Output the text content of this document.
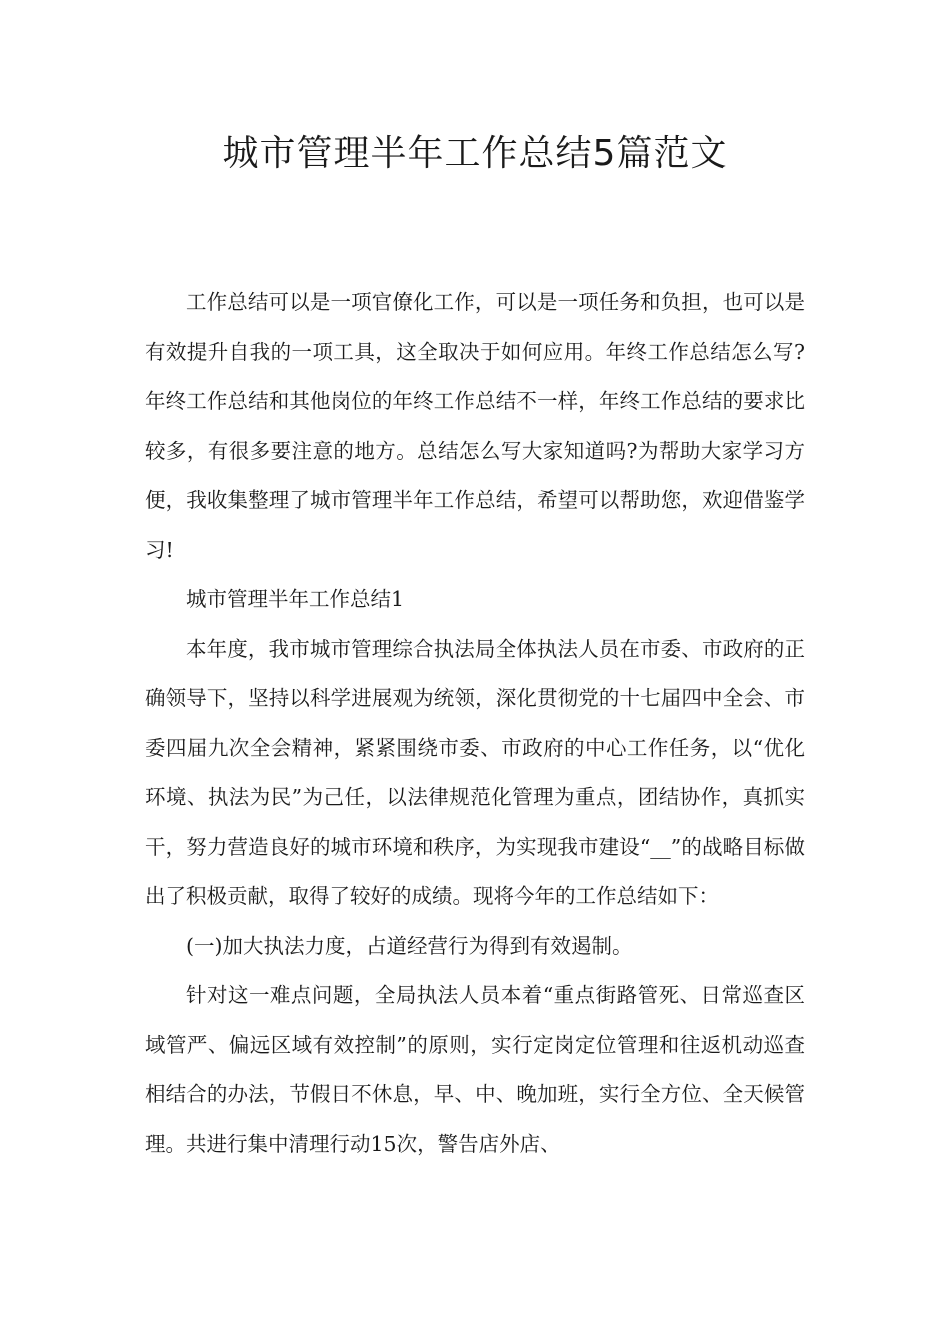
城市管理半年工作总结5篇范文

工作总结可以是一项官僚化工作，可以是一项任务和负担，也可以是有效提升自我的一项工具，这全取决于如何应用。年终工作总结怎么写?年终工作总结和其他岗位的年终工作总结不一样，年终工作总结的要求比较多，有很多要注意的地方。总结怎么写大家知道吗?为帮助大家学习方便，我收集整理了城市管理半年工作总结，希望可以帮助您，欢迎借鉴学习!

城市管理半年工作总结1

本年度，我市城市管理综合执法局全体执法人员在市委、市政府的正确领导下，坚持以科学进展观为统领，深化贯彻党的十七届四中全会、市委四届九次全会精神，紧紧围绕市委、市政府的中心工作任务，以“优化环境、执法为民”为己任，以法律规范化管理为重点，团结协作，真抓实干，努力营造良好的城市环境和秩序，为实现我市建设“__”的战略目标做出了积极贡献，取得了较好的成绩。现将今年的工作总结如下：

(一)加大执法力度，占道经营行为得到有效遏制。

针对这一难点问题，全局执法人员本着“重点街路管死、日常巡查区域管严、偏远区域有效控制”的原则，实行定岗定位管理和往返机动巡查相结合的办法，节假日不休息，早、中、晚加班，实行全方位、全天候管理。共进行集中清理行动15次，警告店外店、
